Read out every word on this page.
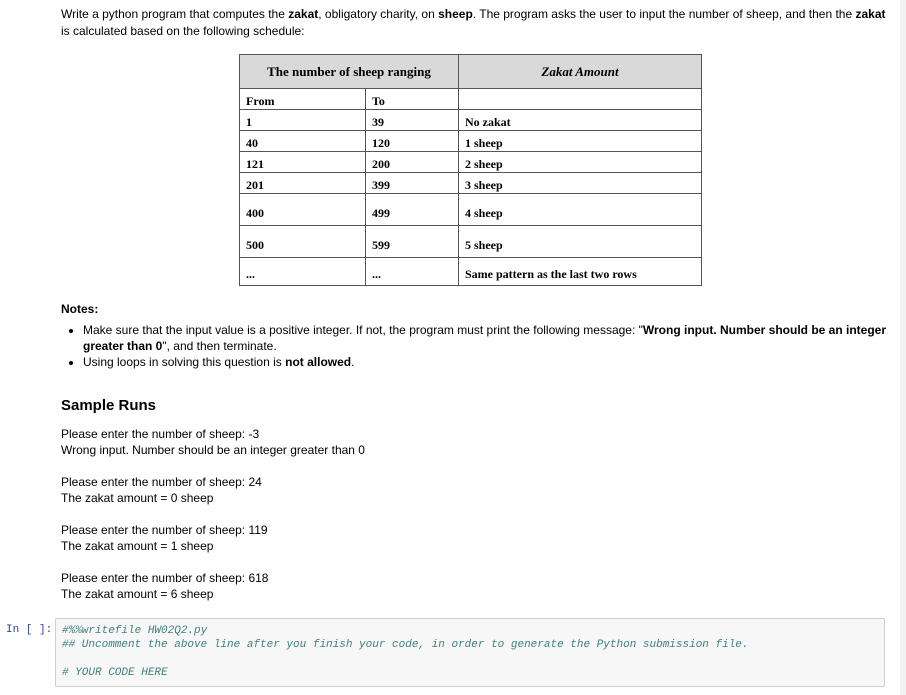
Write a python program that computes the zakat, obligatory charity, on sheep. The program asks the user to input the number of sheep, and then the zakat is calculated based on the following schedule:
The number of sheep ranging		Zakat Amount
From	To	
1	39	No zakat
40	120	1 sheep
121	200	2 sheep
201	399	3 sheep
400	499	4 sheep
500	599	5 sheep
...	...	Same pattern as the last two rows
Notes:
• Make sure that the input value is a positive integer. If not, the program must print the following message: "Wrong input. Number should be an integer greater than 0", and then terminate.
• Using loops in solving this question is not allowed.
Sample Runs
Please enter the number of sheep: -3
Wrong input. Number should be an integer greater than 0
Please enter the number of sheep: 24
The zakat amount = 0 sheep
Please enter the number of sheep: 119
The zakat amount = 1 sheep
Please enter the number of sheep: 618
The zakat amount = 6 sheep
In [ ]: #%%writefile HW02Q2.py
## Uncomment the above line after you finish your code, in order to generate the Python submission file.
# YOUR CODE HERE
